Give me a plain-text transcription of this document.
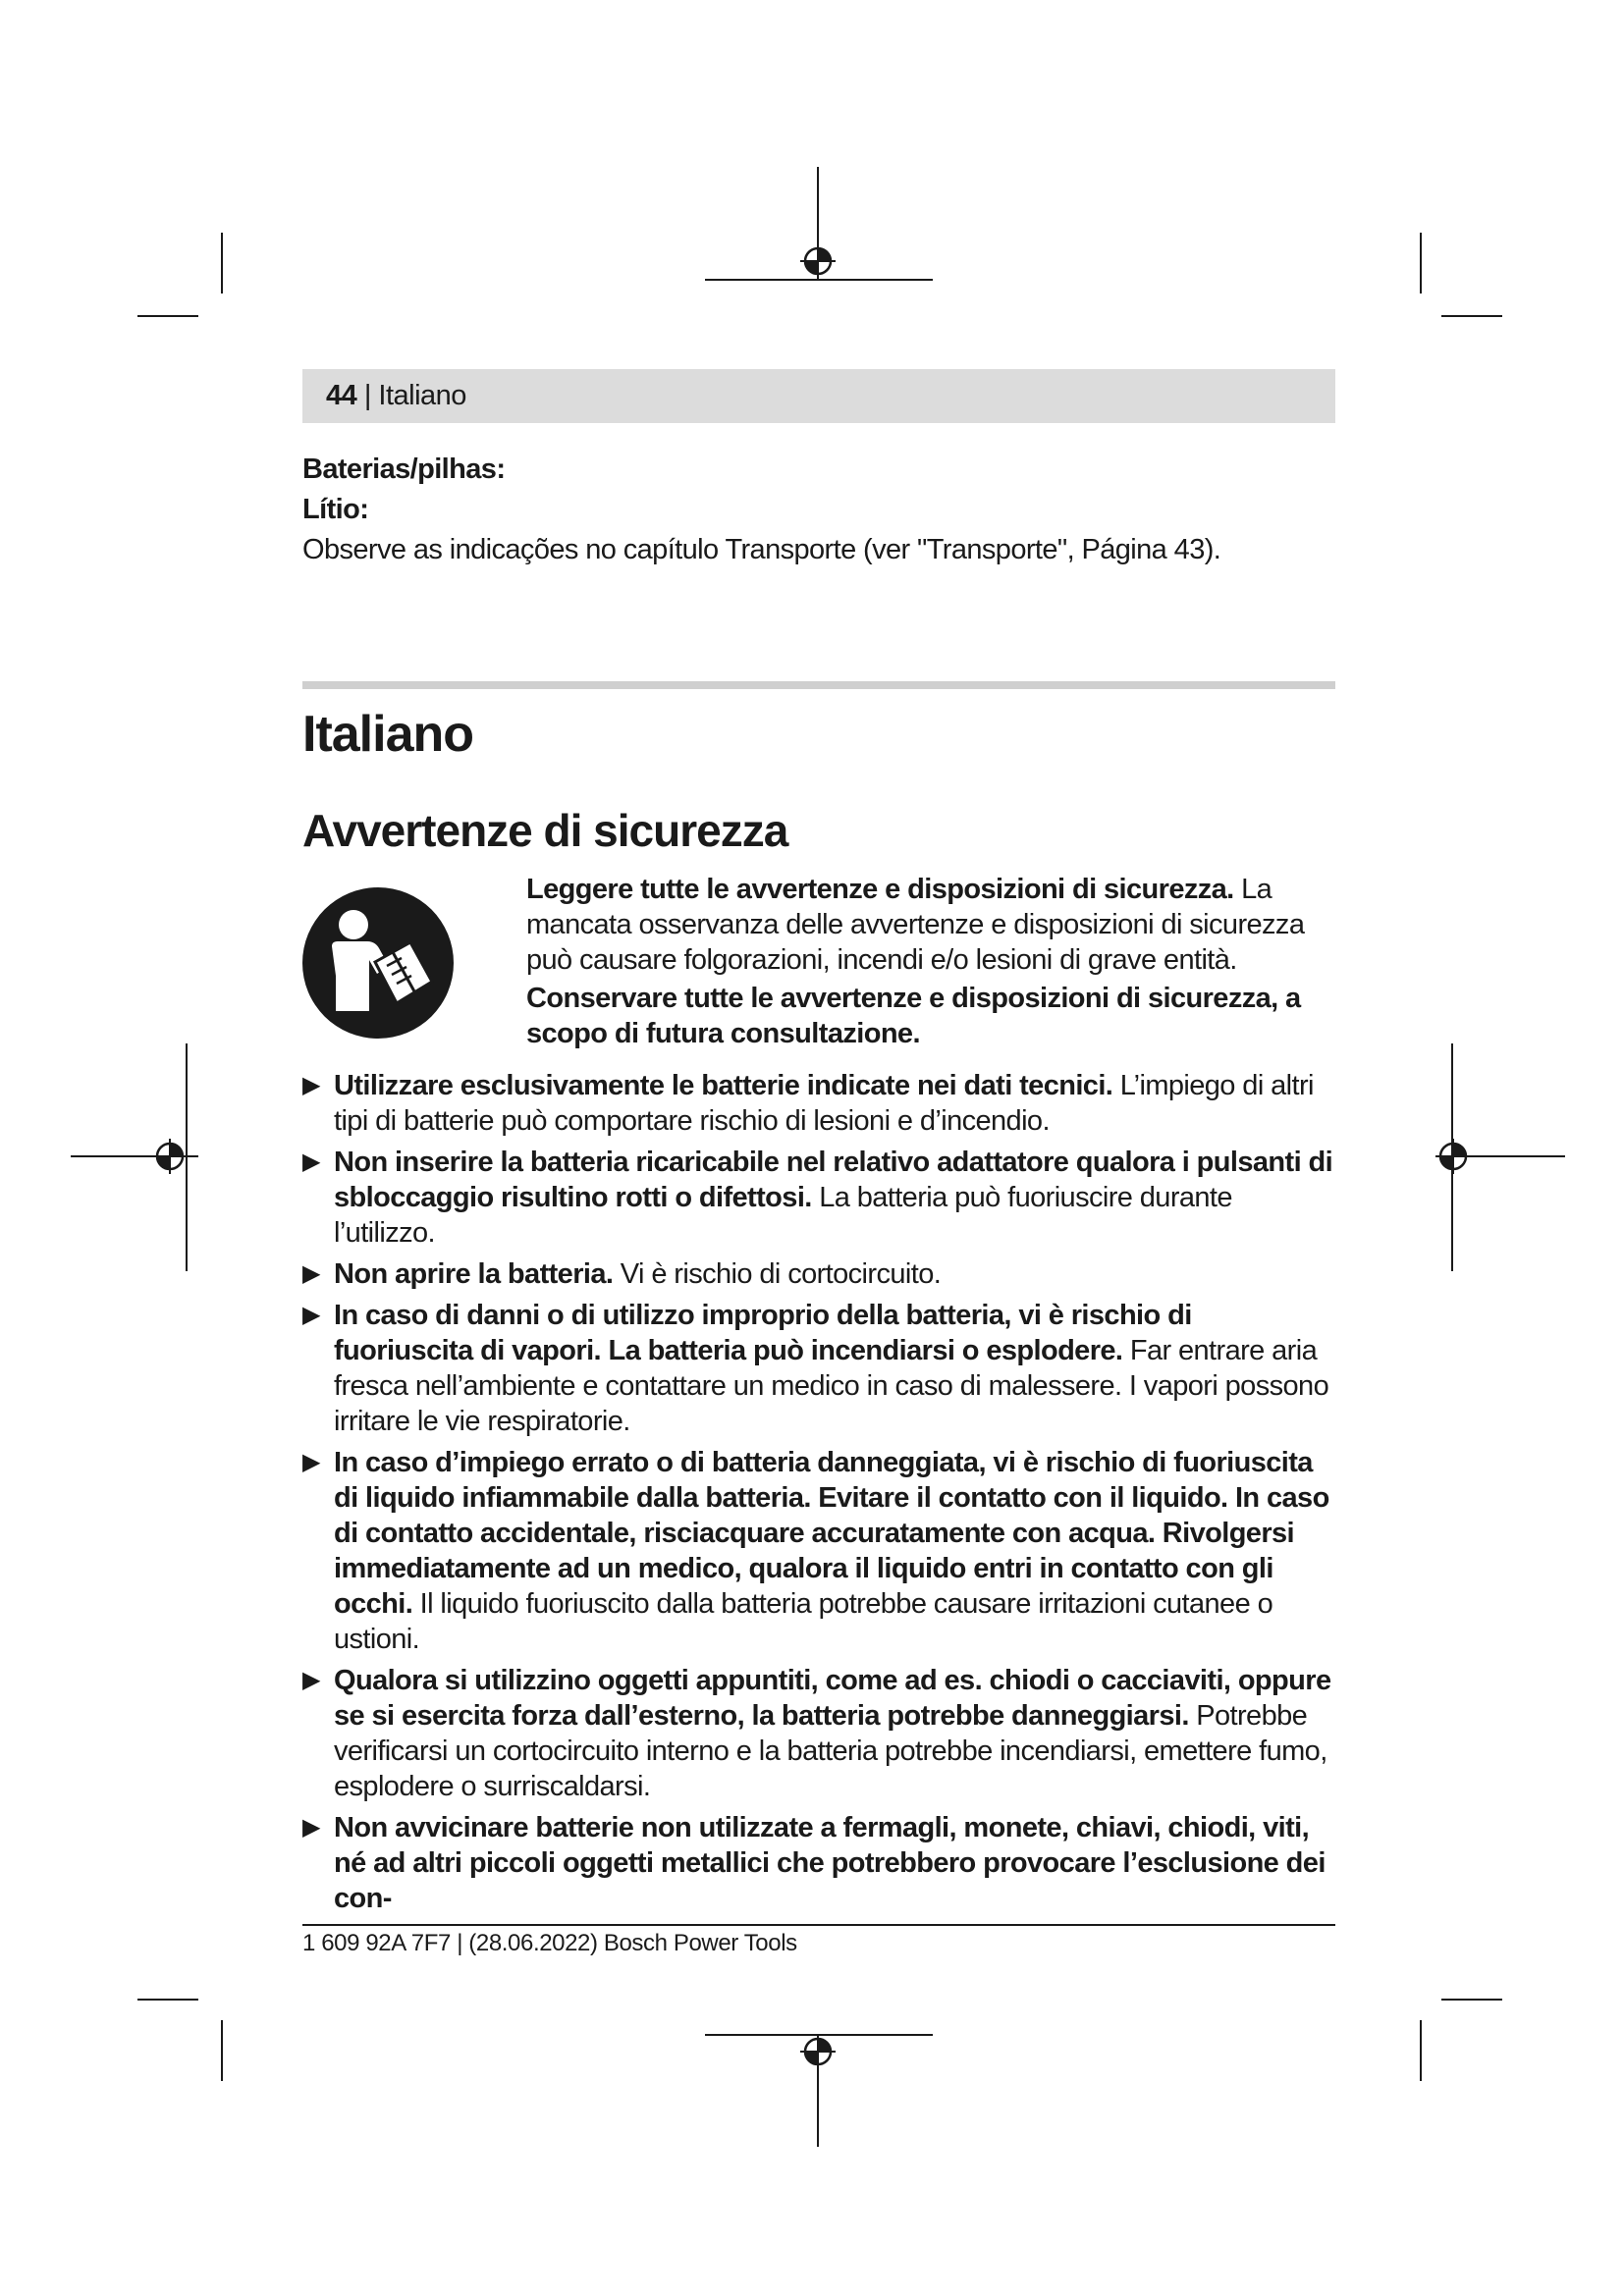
44 | Italiano
Baterias/pilhas:
Lítio:
Observe as indicações no capítulo Transporte (ver "Transporte", Página 43).
Italiano
Avvertenze di sicurezza

Leggere tutte le avvertenze e disposizioni di sicurezza. La mancata osservanza delle avvertenze e disposizioni di sicurezza può causare folgorazioni, incendi e/o lesioni di grave entità.

Conservare tutte le avvertenze e disposizioni di sicurezza, a scopo di futura consultazione.

▶ Utilizzare esclusivamente le batterie indicate nei dati tecnici. L’impiego di altri tipi di batterie può comportare rischio di lesioni e d’incendio.
▶ Non inserire la batteria ricaricabile nel relativo adattatore qualora i pulsanti di sbloccaggio risultino rotti o difettosi. La batteria può fuoriuscire durante l’utilizzo.
▶ Non aprire la batteria. Vi è rischio di cortocircuito.
▶ In caso di danni o di utilizzo improprio della batteria, vi è rischio di fuoriuscita di vapori. La batteria può incendiarsi o esplodere. Far entrare aria fresca nell’ambiente e contattare un medico in caso di malessere. I vapori possono irritare le vie respiratorie.
▶ In caso d’impiego errato o di batteria danneggiata, vi è rischio di fuoriuscita di liquido infiammabile dalla batteria. Evitare il contatto con il liquido. In caso di contatto accidentale, risciacquare accuratamente con acqua. Rivolgersi immediatamente ad un medico, qualora il liquido entri in contatto con gli occhi. Il liquido fuoriuscito dalla batteria potrebbe causare irritazioni cutanee o ustioni.
▶ Qualora si utilizzino oggetti appuntiti, come ad es. chiodi o cacciaviti, oppure se si esercita forza dall’esterno, la batteria potrebbe danneggiarsi. Potrebbe verificarsi un cortocircuito interno e la batteria potrebbe incendiarsi, emettere fumo, esplodere o surriscaldarsi.
▶ Non avvicinare batterie non utilizzate a fermagli, monete, chiavi, chiodi, viti, né ad altri piccoli oggetti metallici che potrebbero provocare l’esclusione dei con-
1 609 92A 7F7 | (28.06.2022) Bosch Power Tools
